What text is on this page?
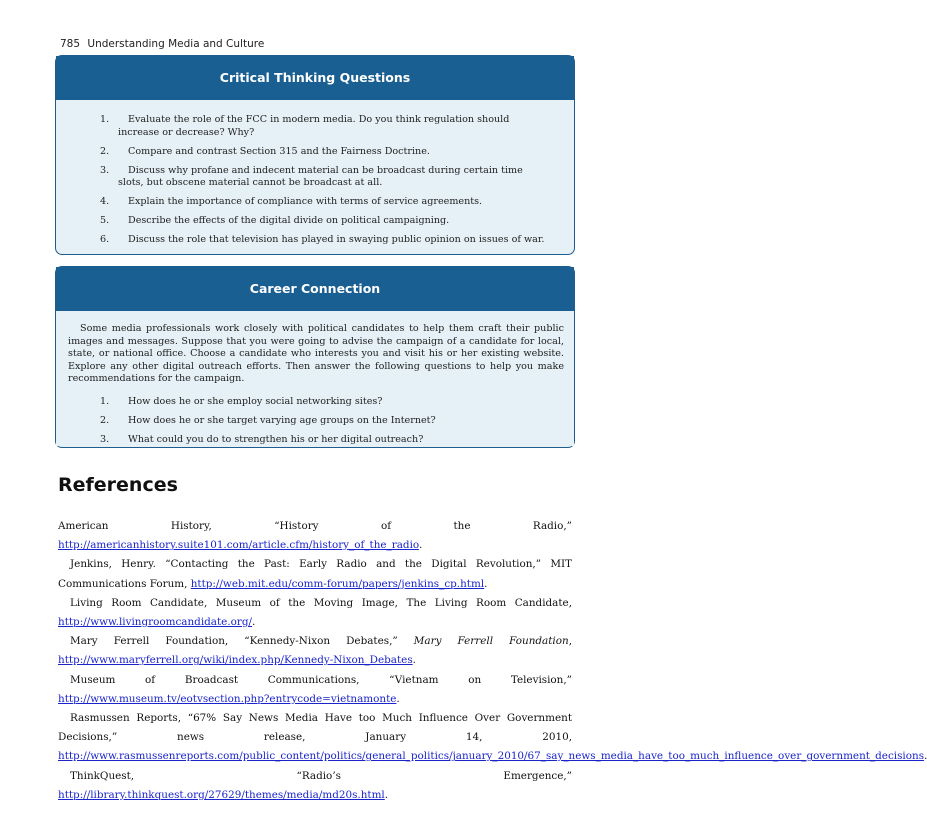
785 Understanding Media and Culture
Critical Thinking Questions
1. Evaluate the role of the FCC in modern media. Do you think regulation should increase or decrease? Why?
2. Compare and contrast Section 315 and the Fairness Doctrine.
3. Discuss why profane and indecent material can be broadcast during certain time slots, but obscene material cannot be broadcast at all.
4. Explain the importance of compliance with terms of service agreements.
5. Describe the effects of the digital divide on political campaigning.
6. Discuss the role that television has played in swaying public opinion on issues of war.
Career Connection
Some media professionals work closely with political candidates to help them craft their public images and messages. Suppose that you were going to advise the campaign of a candidate for local, state, or national office. Choose a candidate who interests you and visit his or her existing website. Explore any other digital outreach efforts. Then answer the following questions to help you make recommendations for the campaign.
1. How does he or she employ social networking sites?
2. How does he or she target varying age groups on the Internet?
3. What could you do to strengthen his or her digital outreach?
References
American History, “History of the Radio,” http://americanhistory.suite101.com/article.cfm/history_of_the_radio.
Jenkins, Henry. “Contacting the Past: Early Radio and the Digital Revolution,” MIT Communications Forum, http://web.mit.edu/comm-forum/papers/jenkins_cp.html.
Living Room Candidate, Museum of the Moving Image, The Living Room Candidate, http://www.livingroomcandidate.org/.
Mary Ferrell Foundation, “Kennedy-Nixon Debates,” Mary Ferrell Foundation, http://www.maryferrell.org/wiki/index.php/Kennedy-Nixon_Debates.
Museum of Broadcast Communications, “Vietnam on Television,” http://www.museum.tv/eotvsection.php?entrycode=vietnamonte.
Rasmussen Reports, “67% Say News Media Have too Much Influence Over Government Decisions,” news release, January 14, 2010, http://www.rasmussenreports.com/public_content/politics/general_politics/january_2010/67_say_news_media_have_too_much_influence_over_government_decisions
ThinkQuest, “Radio’s Emergence,” http://library.thinkquest.org/27629/themes/media/md20s.html.
